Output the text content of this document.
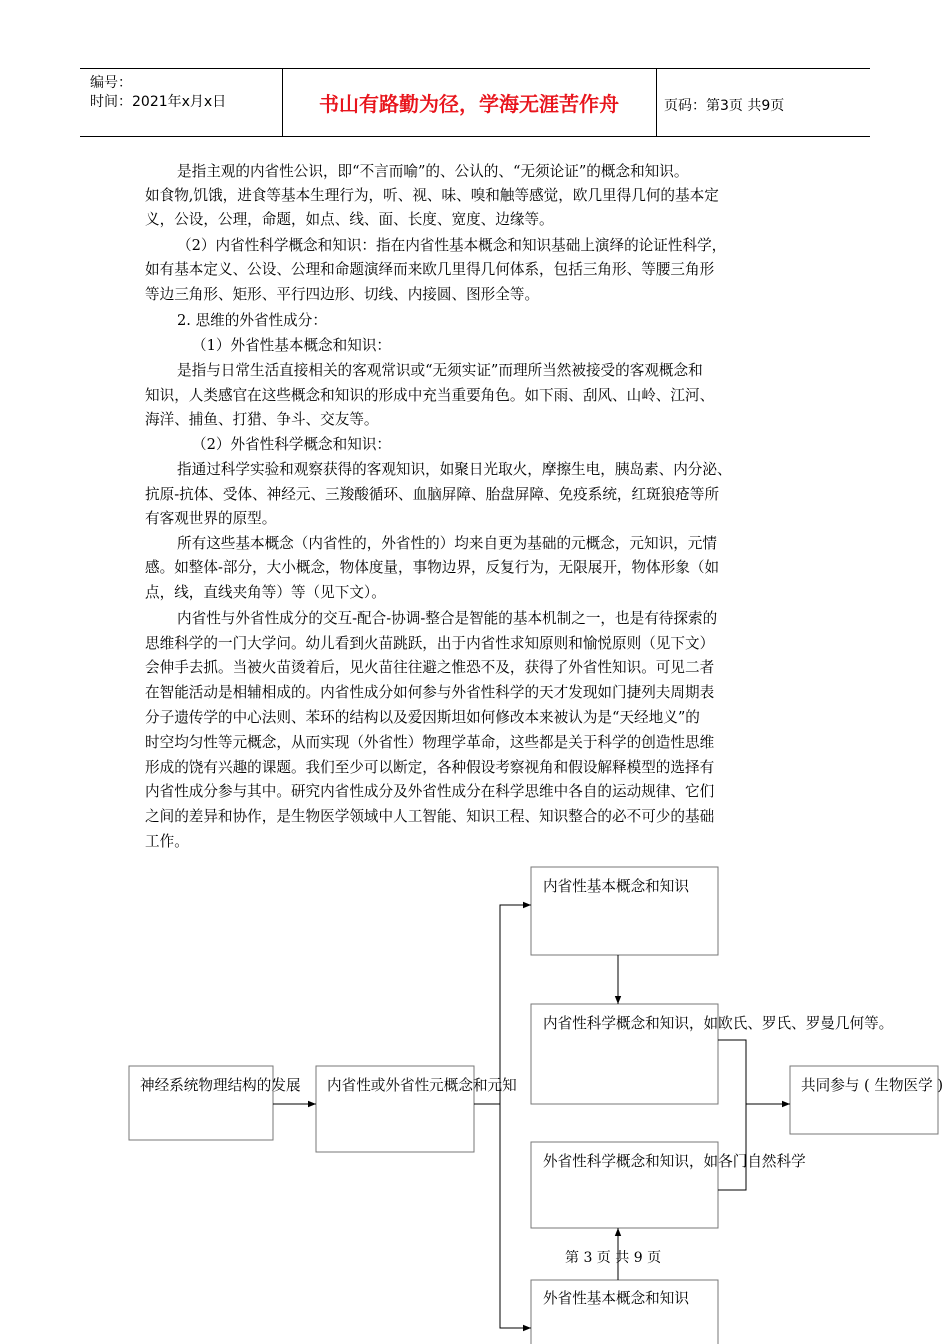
编号：
时间：2021年x月x日	书山有路勤为径，学海无涯苦作舟	页码：第3页 共9页
是指主观的内省性公识，即“不言而喻”的、公认的、“无须论证”的概念和知识。
如食物,饥饿，进食等基本生理行为，听、视、味、嗅和触等感觉，欧几里得几何的基本定
义，公设，公理，命题，如点、线、面、长度、宽度、边缘等。
（2）内省性科学概念和知识：指在内省性基本概念和知识基础上演绎的论证性科学，
如有基本定义、公设、公理和命题演绎而来欧几里得几何体系，包括三角形、等腰三角形
等边三角形、矩形、平行四边形、切线、内接圆、图形全等。
2. 思维的外省性成分：
（1）外省性基本概念和知识：
是指与日常生活直接相关的客观常识或“无须实证”而理所当然被接受的客观概念和
知识，人类感官在这些概念和知识的形成中充当重要角色。如下雨、刮风、山岭、江河、
海洋、捕鱼、打猎、争斗、交友等。
（2）外省性科学概念和知识：
指通过科学实验和观察获得的客观知识，如聚日光取火，摩擦生电，胰岛素、内分泌、
抗原-抗体、受体、神经元、三羧酸循环、血脑屏障、胎盘屏障、免疫系统，红斑狼疮等所
有客观世界的原型。
所有这些基本概念（内省性的，外省性的）均来自更为基础的元概念，元知识，元情
感。如整体-部分，大小概念，物体度量，事物边界，反复行为，无限展开，物体形象（如
点，线，直线夹角等）等（见下文）。
内省性与外省性成分的交互-配合-协调-整合是智能的基本机制之一，也是有待探索的
思维科学的一门大学问。幼儿看到火苗跳跃，出于内省性求知原则和愉悦原则（见下文）
会伸手去抓。当被火苗烫着后，见火苗往往避之惟恐不及，获得了外省性知识。可见二者
在智能活动是相辅相成的。内省性成分如何参与外省性科学的天才发现如门捷列夫周期表
分子遗传学的中心法则、苯环的结构以及爱因斯坦如何修改本来被认为是“天经地义”的
时空均匀性等元概念，从而实现（外省性）物理学革命，这些都是关于科学的创造性思维
形成的饶有兴趣的课题。我们至少可以断定，各种假设考察视角和假设解释模型的选择有
内省性成分参与其中。研究内省性成分及外省性成分在科学思维中各自的运动规律、它们
之间的差异和协作，是生物医学领域中人工智能、知识工程、知识整合的必不可少的基础
工作。
神经系统物理结构的发展 内省性或外省性元概念和元知
内省性基本概念和知识
内省性科学概念和知识，如欧氏、罗氏、罗曼几何等。
外省性科学概念和知识，如各门自然科学
外省性基本概念和知识
共同参与 ( 生物医学 )
第 3 页 共 9 页
